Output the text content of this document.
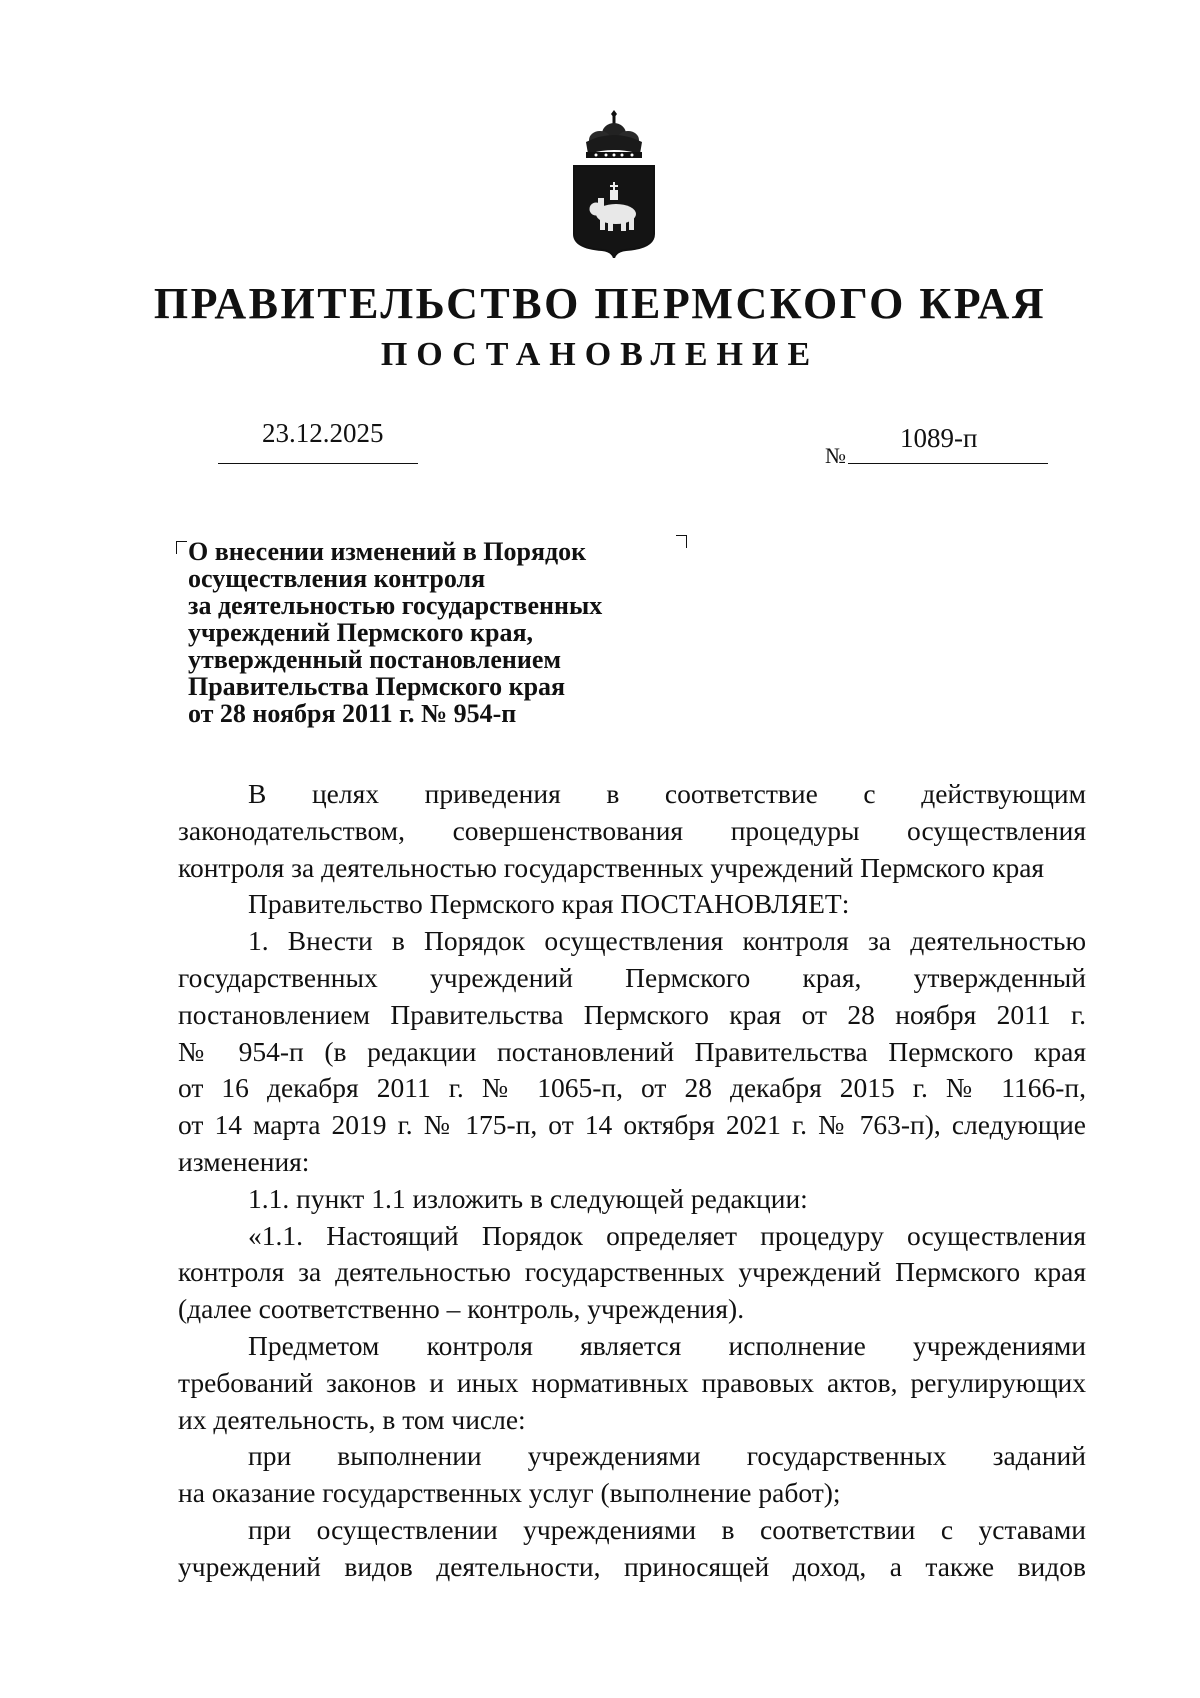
ПРАВИТЕЛЬСТВО ПЕРМСКОГО КРАЯ
ПОСТАНОВЛЕНИЕ
23.12.2025
№
1089-п
О внесении изменений в Порядок
осуществления контроля
за деятельностью государственных
учреждений Пермского края,
утвержденный постановлением
Правительства Пермского края
от 28 ноября 2011 г. № 954-п
В целях приведения в соответствие с действующим
законодательством, совершенствования процедуры осуществления
контроля за деятельностью государственных учреждений Пермского края
Правительство Пермского края ПОСТАНОВЛЯЕТ:
1. Внести в Порядок осуществления контроля за деятельностью
государственных учреждений Пермского края, утвержденный
постановлением Правительства Пермского края от 28 ноября 2011 г.
№ 954-п (в редакции постановлений Правительства Пермского края
от 16 декабря 2011 г. № 1065-п, от 28 декабря 2015 г. № 1166-п,
от 14 марта 2019 г. № 175-п, от 14 октября 2021 г. № 763-п), следующие
изменения:
1.1. пункт 1.1 изложить в следующей редакции:
«1.1. Настоящий Порядок определяет процедуру осуществления
контроля за деятельностью государственных учреждений Пермского края
(далее соответственно – контроль, учреждения).
Предметом контроля является исполнение учреждениями
требований законов и иных нормативных правовых актов, регулирующих
их деятельность, в том числе:
при выполнении учреждениями государственных заданий
на оказание государственных услуг (выполнение работ);
при осуществлении учреждениями в соответствии с уставами
учреждений видов деятельности, приносящей доход, а также видов
